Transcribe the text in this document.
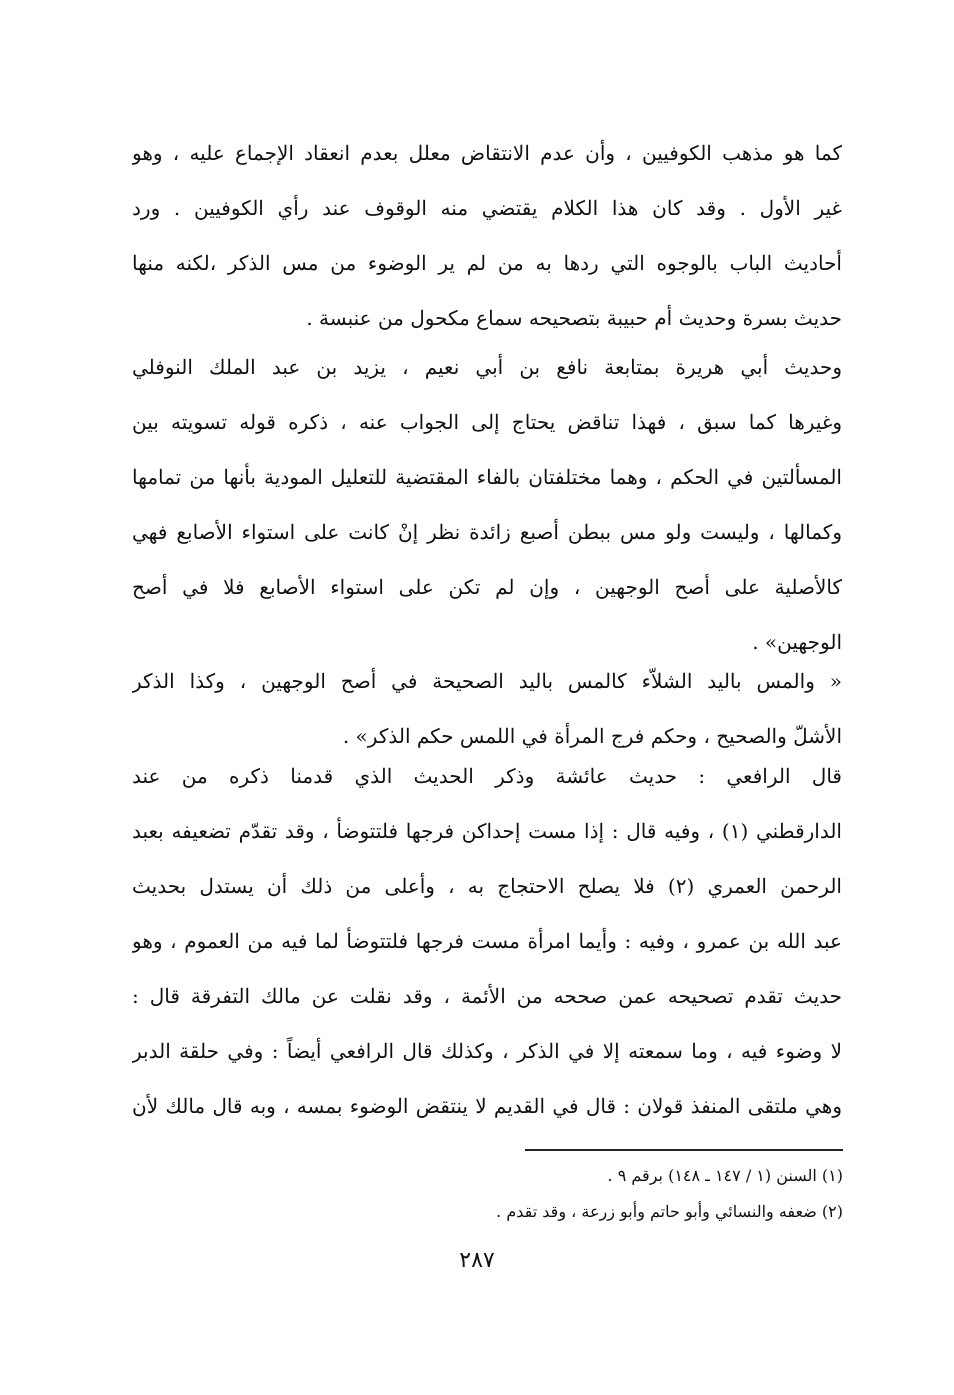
كما هو مذهب الكوفيين ، وأن عدم الانتقاض معلل بعدم انعقاد الإجماع عليه ، وهو
غير الأول . وقد كان هذا الكلام يقتضي منه الوقوف عند رأي الكوفيين . ورد
أحاديث الباب بالوجوه التي ردها به من لم ير الوضوء من مس الذكر ،لكنه منها
حديث بسرة وحديث أم حبيبة بتصحيحه سماع مكحول من عنبسة .
وحديث أبي هريرة بمتابعة نافع بن أبي نعيم ، يزيد بن عبد الملك النوفلي
وغيرها كما سبق ، فهذا تناقض يحتاج إلى الجواب عنه ، ذكره قوله تسويته بين
المسألتين في الحكم ، وهما مختلفتان بالفاء المقتضية للتعليل المودية بأنها من تمامها
وكمالها ، وليست ولو مس ببطن أصبع زائدة نظر إنْ كانت على استواء الأصابع فهي
كالأصلية على أصح الوجهين ، وإن لم تكن على استواء الأصابع فلا في أصح
الوجهين» .
« والمس باليد الشلاّء كالمس باليد الصحيحة في أصح الوجهين ، وكذا الذكر
الأشلّ والصحيح ، وحكم فرج المرأة في اللمس حكم الذكر» .
قال الرافعي : حديث عائشة وذكر الحديث الذي قدمنا ذكره من عند
الدارقطني (١) ، وفيه قال : إذا مست إحداكن فرجها فلتتوضأ ، وقد تقدّم تضعيفه بعبد
الرحمن العمري (٢) فلا يصلح الاحتجاج به ، وأعلى من ذلك أن يستدل بحديث
عبد الله بن عمرو ، وفيه : وأيما امرأة مست فرجها فلتتوضأ لما فيه من العموم ، وهو
حديث تقدم تصحيحه عمن صححه من الأئمة ، وقد نقلت عن مالك التفرقة قال :
لا وضوء فيه ، وما سمعته إلا في الذكر ، وكذلك قال الرافعي أيضاً : وفي حلقة الدبر
وهي ملتقى المنفذ قولان : قال في القديم لا ينتقض الوضوء بمسه ، وبه قال مالك لأن
(١) السنن (١ / ١٤٧ ـ ١٤٨) برقم ٩ .
(٢) ضعفه والنسائي وأبو حاتم وأبو زرعة ، وقد تقدم .
٢٨٧
